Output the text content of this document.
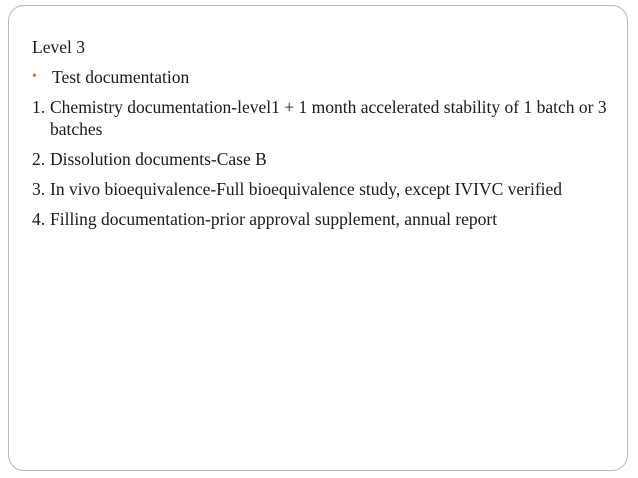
Level 3
• Test documentation
1. Chemistry documentation-level1 + 1 month accelerated stability of 1 batch or 3 batches
2. Dissolution documents-Case B
3. In vivo bioequivalence-Full bioequivalence study, except IVIVC verified
4. Filling documentation-prior approval supplement, annual report
